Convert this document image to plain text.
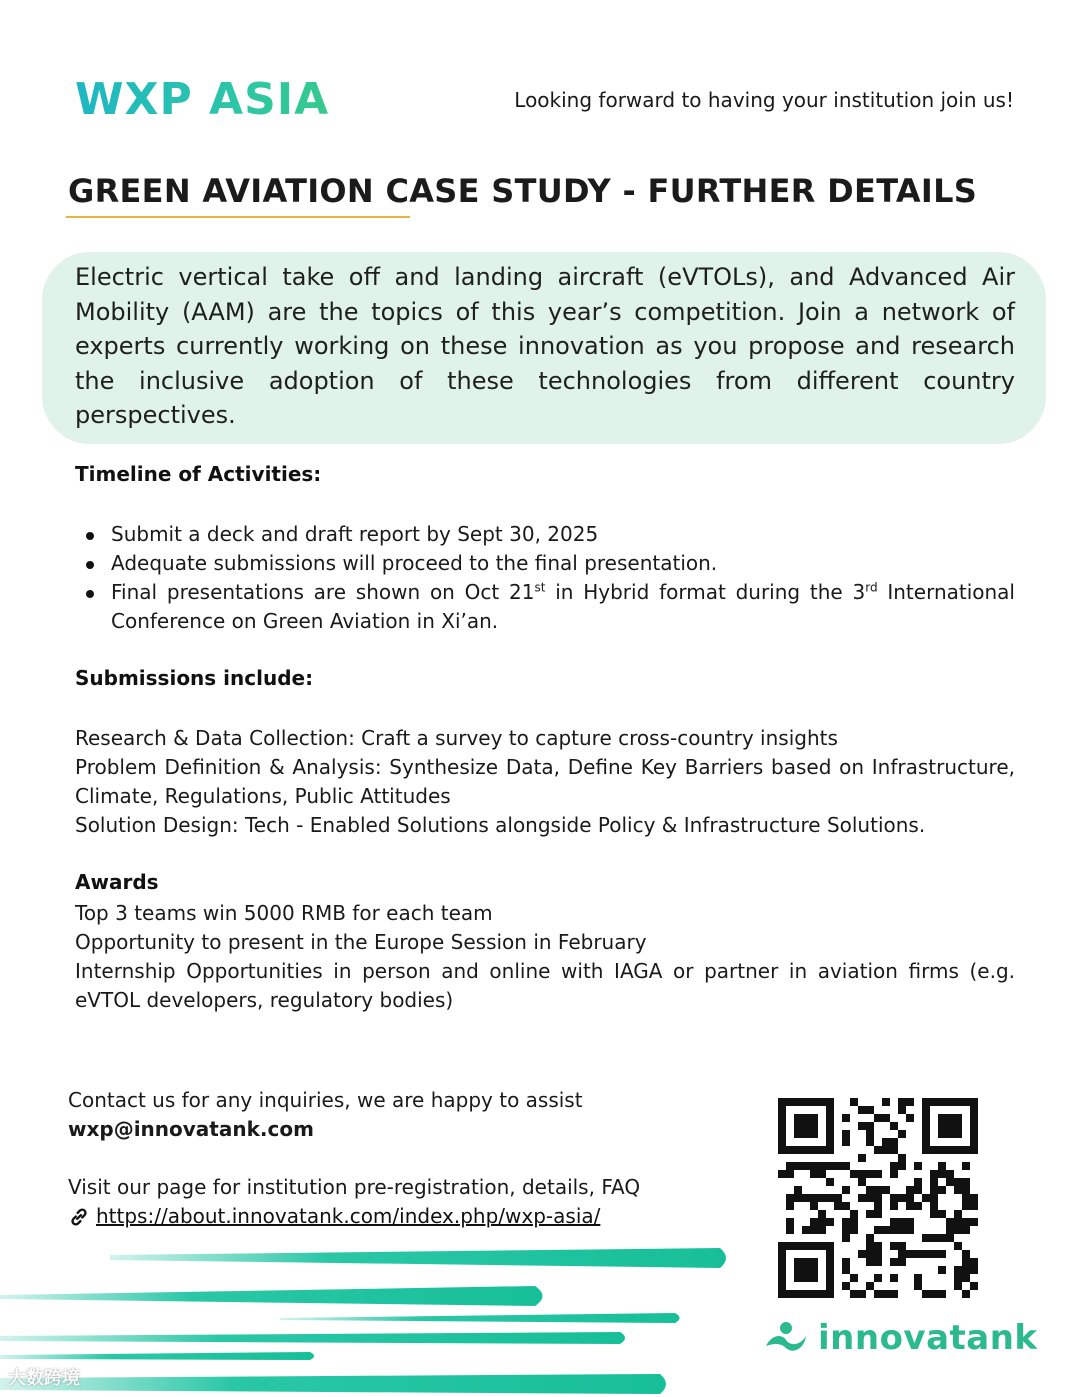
WXP ASIA	Looking forward to having your institution join us!
GREEN AVIATION CASE STUDY - FURTHER DETAILS
Electric vertical take off and landing aircraft (eVTOLs), and Advanced Air Mobility (AAM) are the topics of this year’s competition. Join a network of experts currently working on these innovation as you propose and research the inclusive adoption of these technologies from different country perspectives.
Timeline of Activities:
Submit a deck and draft report by Sept 30, 2025
Adequate submissions will proceed to the final presentation.
Final presentations are shown on Oct 21st in Hybrid format during the 3rd International Conference on Green Aviation in Xi’an.
Submissions include:
Research & Data Collection: Craft a survey to capture cross-country insights
Problem Definition & Analysis: Synthesize Data, Define Key Barriers based on Infrastructure, Climate, Regulations, Public Attitudes
Solution Design: Tech - Enabled Solutions alongside Policy & Infrastructure Solutions.
Awards
Top 3 teams win 5000 RMB for each team
Opportunity to present in the Europe Session in February
Internship Opportunities in person and online with IAGA or partner in aviation firms (e.g. eVTOL developers, regulatory bodies)
Contact us for any inquiries, we are happy to assist
wxp@innovatank.com
Visit our page for institution pre-registration, details, FAQ
https://about.innovatank.com/index.php/wxp-asia/
innovatank
大数跨境
